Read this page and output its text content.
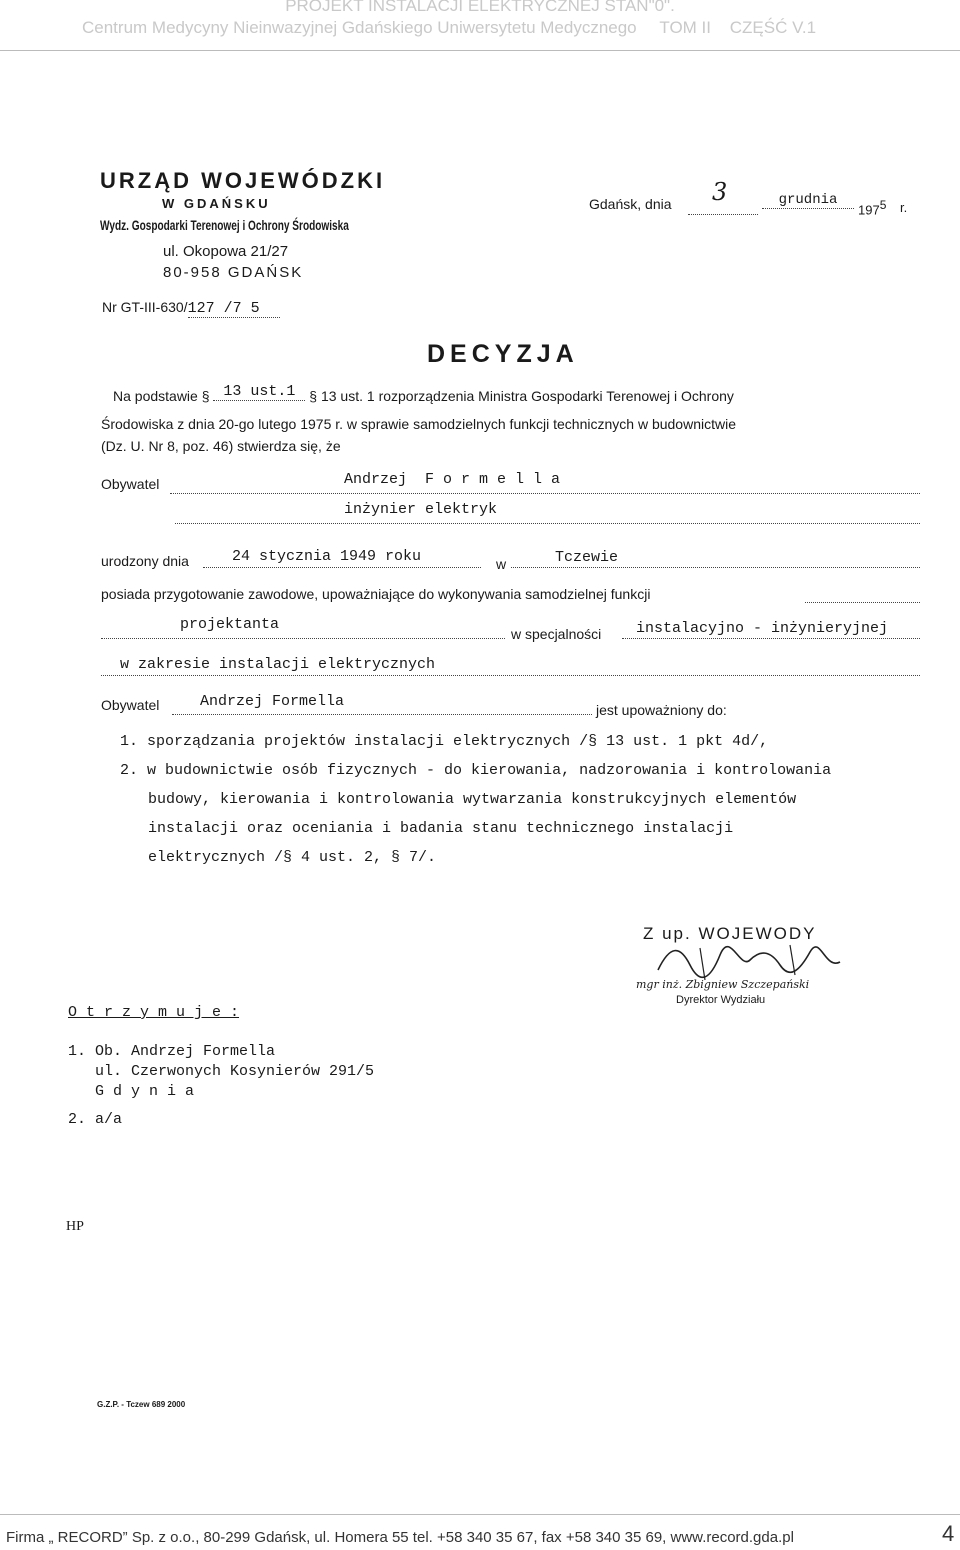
PROJEKT INSTALACJI ELEKTRYCZNEJ STAN"0".
Centrum Medycyny Nieinwazyjnej Gdańskiego Uniwersytetu Medycznego TOM II CZĘŚĆ V.1
URZĄD WOJEWÓDZKI
W GDAŃSKU
Wydz. Gospodarki Terenowej i Ochrony Środowiska
ul. Okopowa 21/27
80-958 GDAŃSK
Nr GT-III-630/127 /7 5
Gdańsk, dnia 3	grudnia
$197^5$ r.
DECYZJA
Na podstawie § 13 ust.1 § 13 ust. 1 rozporządzenia Ministra Gospodarki Terenowej i Ochrony
Środowiska z dnia 20-go lutego 1975 r. w sprawie samodzielnych funkcji technicznych w budownictwie
(Dz. U. Nr 8, poz. 46) stwierdza się, że
Obywatel	Andrzej  F o r m e l l a
inżynier elektryk
urodzony dnia	24 stycznia 1949 roku	w	Tczewie
posiada przygotowanie zawodowe, upoważniające do wykonywania samodzielnej funkcji
projektanta
w specjalności instalacyjno - inżynieryjnej
w zakresie instalacji elektrycznych
Obywatel	Andrzej Formella	jest upoważniony do:
1. sporządzania projektów instalacji elektrycznych /§ 13 ust. 1 pkt 4d/,
2. w budownictwie osób fizycznych - do kierowania, nadzorowania i kontrolowania
budowy, kierowania i kontrolowania wytwarzania konstrukcyjnych elementów
instalacji oraz oceniania i badania stanu technicznego instalacji
elektrycznych /§ 4 ust. 2, § 7/.
Z up. WOJEWODY
mgr inż. Zbigniew Szczepański
Dyrektor Wydziału
O t r z y m u j e :
1. Ob. Andrzej Formella
ul. Czerwonych Kosynierów 291/5
G d y n i a
2. a/a
HP
G.Z.P. - Tczew 689 2000
Firma „ RECORD” Sp. z o.o., 80-299 Gdańsk, ul. Homera 55 tel. +58 340 35 67, fax +58 340 35 69, www.record.gda.pl	4
